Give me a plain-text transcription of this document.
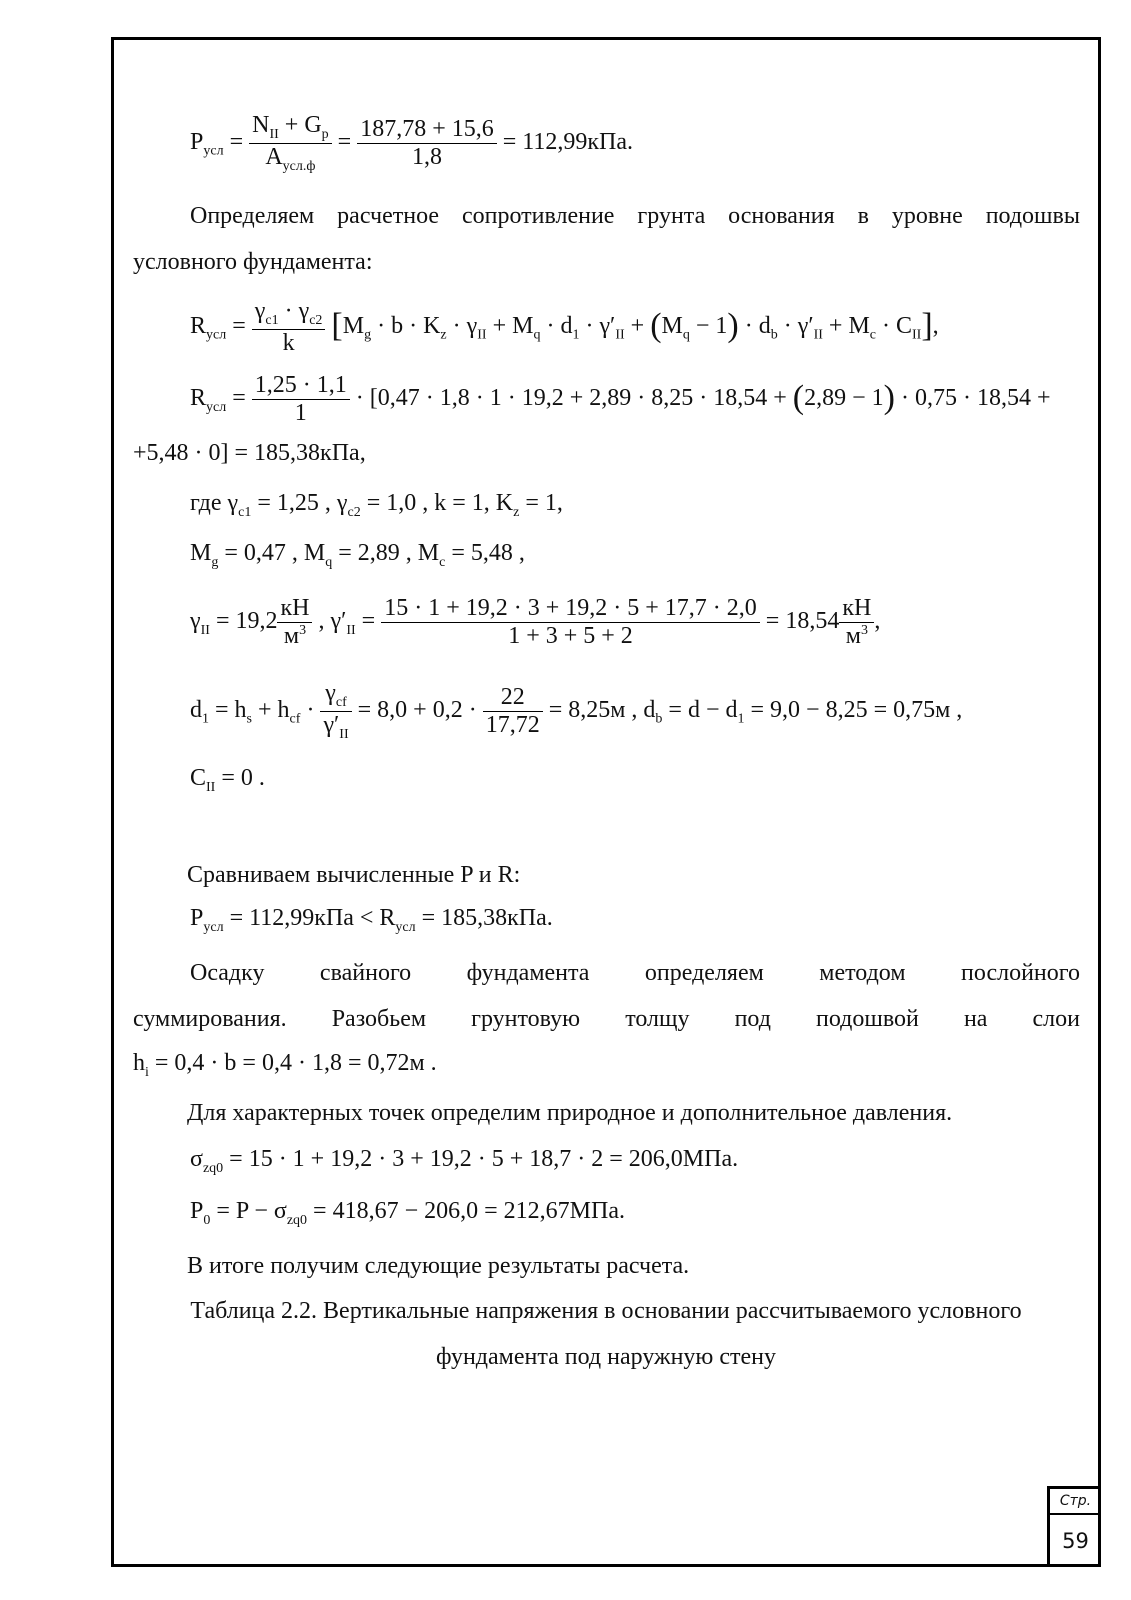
Стр.
59
$P_{усл} = \frac{N_{II} + G_p}{A_{усл.ф}} = \frac{187,78 + 15,6}{1,8} = 112,99кПа$.
Определяем расчетное сопротивление грунта основания в уровне подошвы
условного фундамента:
$R_{усл} = \frac{\gamma_{c1} \cdot \gamma_{c2}}{k} [M_g \cdot b \cdot K_z \cdot \gamma_{II} + M_q \cdot d_1 \cdot \gamma'_{II} + (M_q - 1) \cdot d_b \cdot \gamma'_{II} + M_c \cdot C_{II}]$,
$R_{усл} = \frac{1,25 \cdot 1,1}{1} \cdot [0,47 \cdot 1,8 \cdot 1 \cdot 19,2 + 2,89 \cdot 8,25 \cdot 18,54 + (2,89 - 1) \cdot 0,75 \cdot 18,54$ +
+5,48 · 0] = 185,38кПа,
где $\gamma_{c1} = 1,25$ , $\gamma_{c2} = 1,0$ , k = 1, $K_z = 1$,
$M_g = 0,47$ , $M_q = 2,89$ , $M_c = 5,48$ ,
$\gamma_{II} = 19,2 \frac{кН}{м^3}$ , $\gamma'_{II} = \frac{15 \cdot 1 + 19,2 \cdot 3 + 19,2 \cdot 5 + 17,7 \cdot 2,0}{1 + 3 + 5 + 2} = 18,54 \frac{кН}{м^3}$ ,
$d_1 = h_s + h_{cf} \cdot \frac{\gamma_{cf}}{\gamma'_{II}} = 8,0 + 0,2 \cdot \frac{22}{17,72} = 8,25м$ , $d_b = d - d_1 = 9,0 - 8,25 = 0,75м$ ,
$C_{II} = 0$ .
Сравниваем вычисленные P и R:
$P_{усл} = 112,99кПа < R_{усл} = 185,38кПа$.
Осадку свайного фундамента определяем методом послойного
суммирования. Разобьем грунтовую толщу под подошвой на слои
$h_i = 0,4 \cdot b = 0,4 \cdot 1,8 = 0,72м$ .
Для характерных точек определим природное и дополнительное давления.
$\sigma_{zq0} = 15 \cdot 1 + 19,2 \cdot 3 + 19,2 \cdot 5 + 18,7 \cdot 2 = 206,0МПа$.
$P_0 = P - \sigma_{zq0} = 418,67 - 206,0 = 212,67МПа$.
В итоге получим следующие результаты расчета.
Таблица 2.2. Вертикальные напряжения в основании рассчитываемого условного
фундамента под наружную стену
